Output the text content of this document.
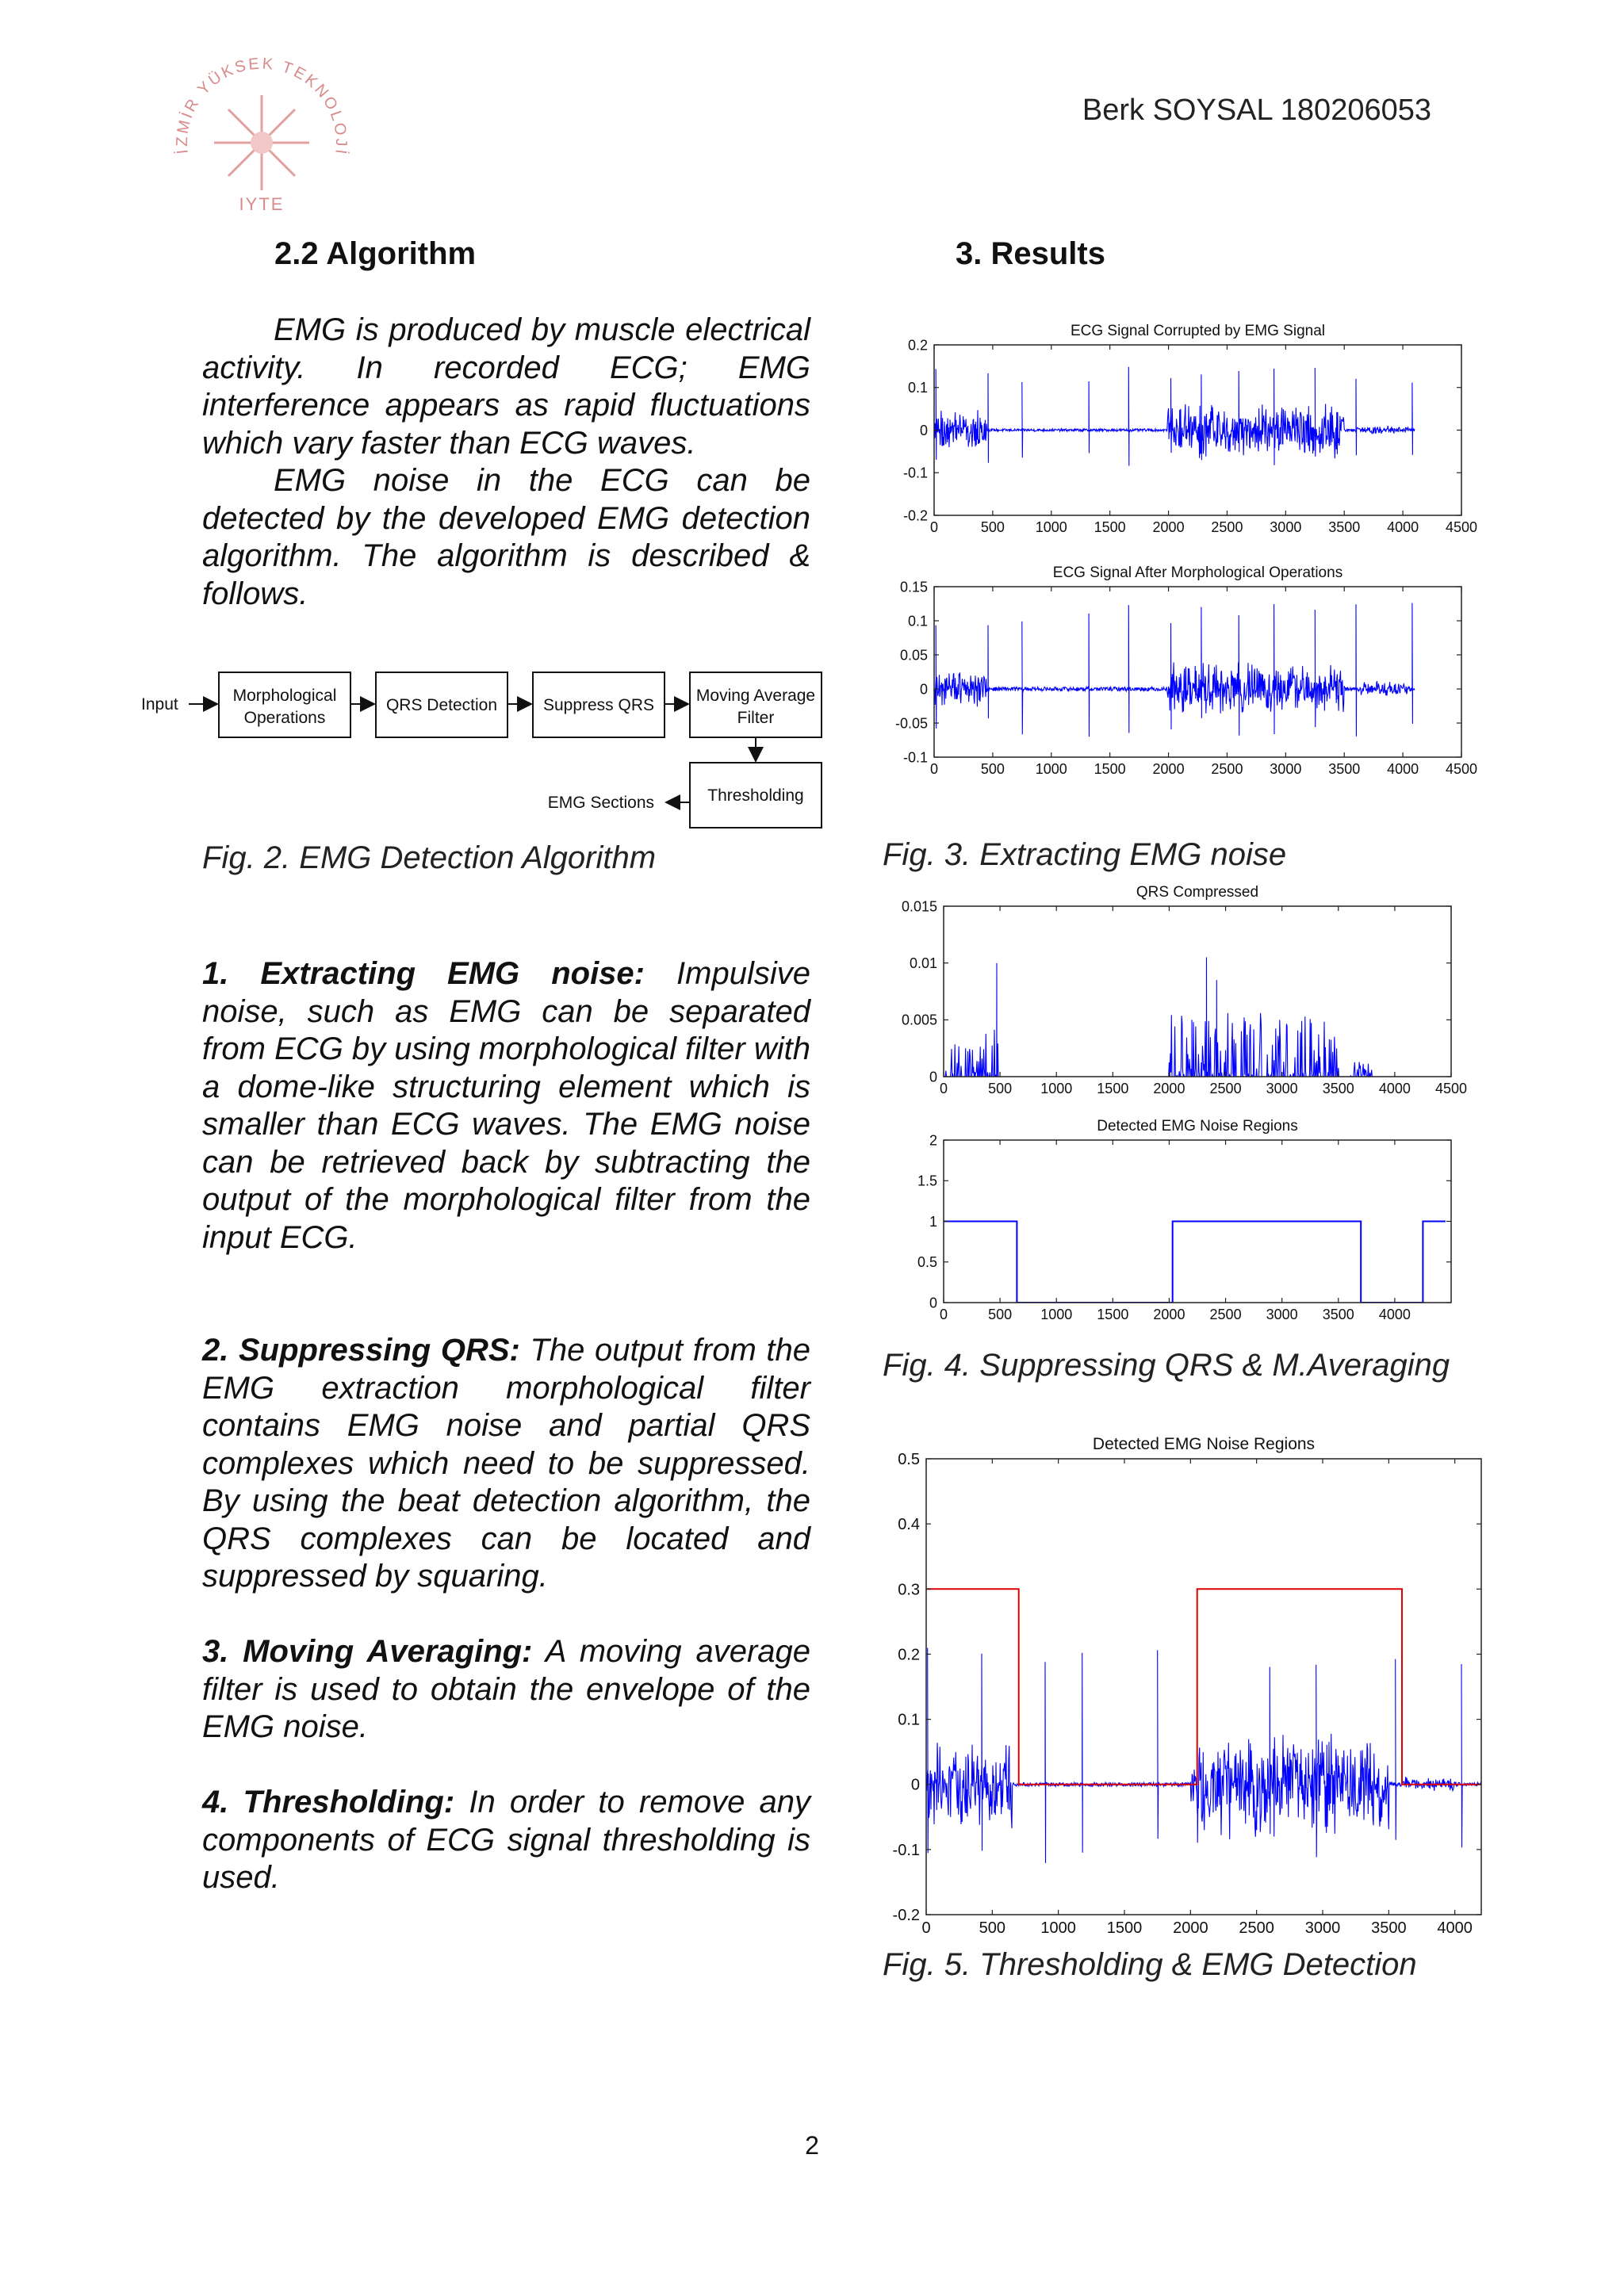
İZMİR YÜKSEK TEKNOLOJİ
IYTE
Berk SOYSAL 180206053
2.2 Algorithm

EMG is produced by muscle electrical activity. In recorded ECG; EMG interference appears as rapid fluctuations which vary faster than ECG waves.

EMG noise in the ECG can be detected by the developed EMG detection algorithm. The algorithm is described & follows.

Input	Morphological
Operations
QRS Detection	Suppress QRS
Moving Average
Filter
Thresholding
EMG Sections
Fig. 2. EMG Detection Algorithm

1. Extracting EMG noise: Impulsive noise, such as EMG can be separated from ECG by using morphological filter with a dome-like structuring element which is smaller than ECG waves. The EMG noise can be retrieved back by subtracting the output of the morphological filter from the input ECG.

2. Suppressing QRS: The output from the EMG extraction morphological filter contains EMG noise and partial QRS complexes which need to be suppressed. By using the beat detection algorithm, the QRS complexes can be located and suppressed by squaring.

3. Moving Averaging: A moving average filter is used to obtain the envelope of the EMG noise.

4. Thresholding: In order to remove any components of ECG signal thresholding is used.

3. Results
ECG Signal Corrupted by EMG Signal
0	500 1000 1500 2000 2500 3000 3500 4000 4500
0.2
0.1
0
-0.1
-0.2
ECG Signal After Morphological Operations
0	500 1000 1500 2000 2500 3000 3500 4000 4500
0.15
0.1
0.05
0
-0.05
-0.1
Fig. 3. Extracting EMG noise
QRS Compressed
0	500 1000 1500 2000 2500 3000 3500 4000 4500
0.015
0.01
0.005
0
Detected EMG Noise Regions
0	500 1000 1500 2000 2500 3000 3500 4000
2
1.5
1
0.5
0
Fig. 4. Suppressing QRS & M.Averaging
Detected EMG Noise Regions
0	500 1000 1500 2000 2500 3000 3500 4000
0.5
0.4
0.3
0.2
0.1
0
-0.1
-0.2
Fig. 5. Thresholding & EMG Detection
2
